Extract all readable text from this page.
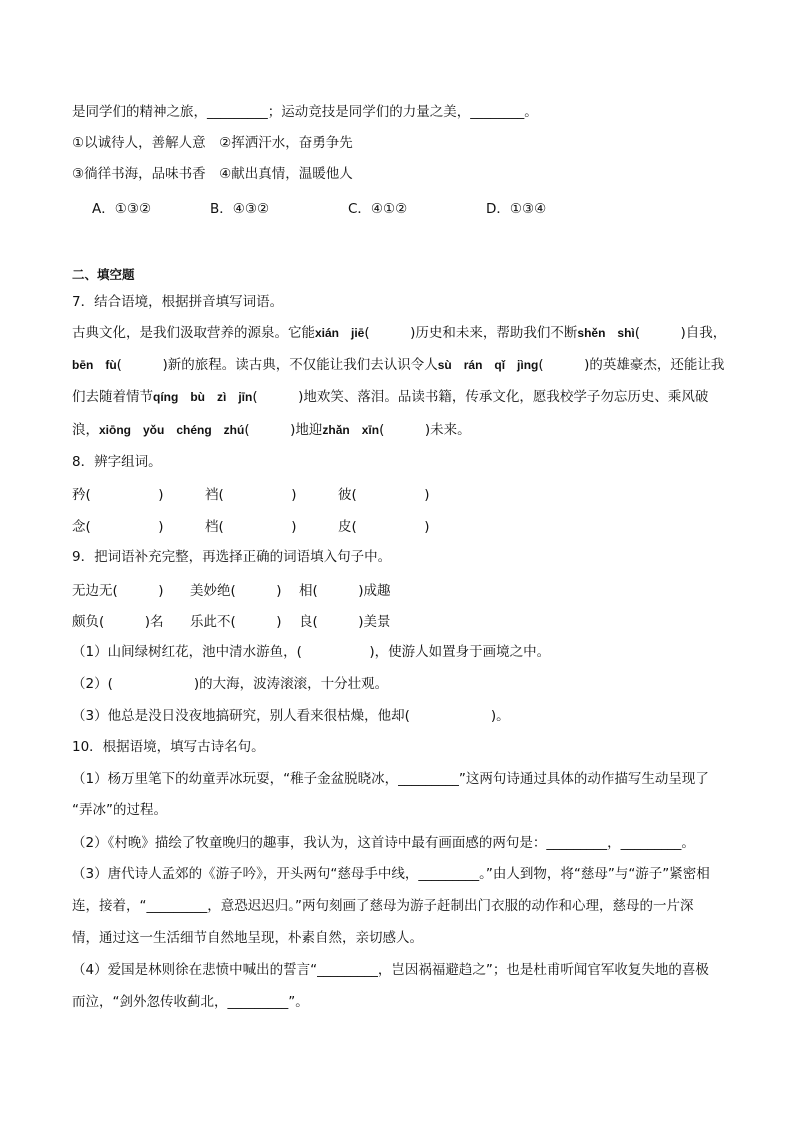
是同学们的精神之旅，_________；运动竞技是同学们的力量之美，________。
①以诚待人，善解人意　②挥洒汗水，奋勇争先
③徜徉书海，品味书香　④献出真情，温暖他人
A．①③②	B．④③②	C．④①②	D．①③④
二、填空题
7．结合语境，根据拼音填写词语。
古典文化，是我们汲取营养的源泉。它能xián　jiē(　　　)历史和未来，帮助我们不断shěn　shì(　　　)自我，
bēn　fù(　　　)新的旅程。读古典，不仅能让我们去认识令人sù　rán　qǐ　jìng(　　　)的英雄豪杰，还能让我
们去随着情节qíng　bù　zì　jīn(　　　)地欢笑、落泪。品读书籍，传承文化，愿我校学子勿忘历史、乘风破
浪，xiōng　yǒu　chéng　zhú(　　　)地迎zhǎn　xīn(　　　)未来。
8．辨字组词。
矜(　　　　　)	裆(　　　　　)	彼(　　　　　)
念(　　　　　)	档(　　　　　)	皮(　　　　　)
9．把词语补充完整，再选择正确的词语填入句子中。
无边无(　　　) 美妙绝(　　　) 相(　　　)成趣
颇负(　　　)名 乐此不(　　　) 良(　　　)美景
（1）山间绿树红花，池中清水游鱼，(　　　　　)，使游人如置身于画境之中。
（2）(　　　　　　)的大海，波涛滚滚，十分壮观。
（3）他总是没日没夜地搞研究，别人看来很枯燥，他却(　　　　　　)。
10．根据语境，填写古诗名句。
（1）杨万里笔下的幼童弄冰玩耍，“稚子金盆脱晓冰，_________”这两句诗通过具体的动作描写生动呈现了
“弄冰”的过程。
（2）《村晚》描绘了牧童晚归的趣事，我认为，这首诗中最有画面感的两句是：_________，_________。
（3）唐代诗人孟郊的《游子吟》，开头两句“慈母手中线，_________。”由人到物，将“慈母”与“游子”紧密相
连，接着，“_________，意恐迟迟归。”两句刻画了慈母为游子赶制出门衣服的动作和心理，慈母的一片深
情，通过这一生活细节自然地呈现，朴素自然，亲切感人。
（4）爱国是林则徐在悲愤中喊出的誓言“_________，岂因祸福避趋之”；也是杜甫听闻官军收复失地的喜极
而泣，“剑外忽传收蓟北，_________”。
